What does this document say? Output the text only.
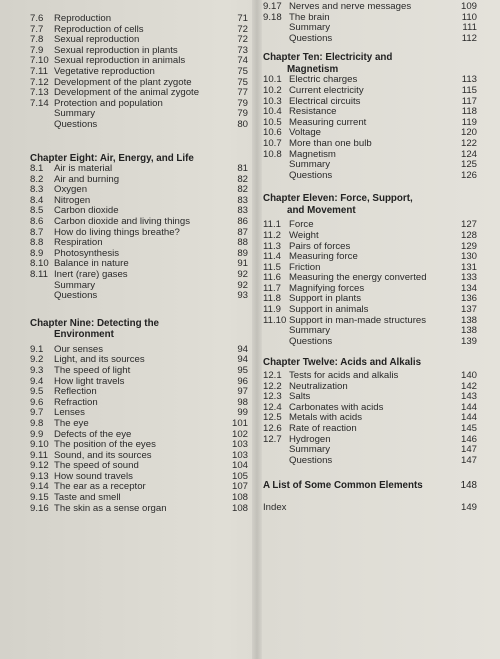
7.6	Reproduction	71
7.7	Reproduction of cells	72
7.8	Sexual reproduction	72
7.9	Sexual reproduction in plants	73
7.10 Sexual reproduction in animals	74
7.11 Vegetative reproduction	75
7.12 Development of the plant zygote	75
7.13 Development of the animal zygote	77
7.14 Protection and population	79
Summary	79
Questions	80
Chapter Eight: Air, Energy, and Life
8.1	Air is material	81
8.2	Air and burning	82
8.3	Oxygen	82
8.4	Nitrogen	83
8.5	Carbon dioxide	83
8.6	Carbon dioxide and living things	86
8.7	How do living things breathe?	87
8.8	Respiration	88
8.9	Photosynthesis	89
8.10 Balance in nature	91
8.11 Inert (rare) gases	92
Summary	92
Questions	93
Chapter Nine: Detecting the
Environment
9.1	Our senses	94
9.2	Light, and its sources	94
9.3	The speed of light	95
9.4	How light travels	96
9.5	Reflection	97
9.6	Refraction	98
9.7	Lenses	99
9.8	The eye	101
9.9	Defects of the eye	102
9.10 The position of the eyes	103
9.11 Sound, and its sources	103
9.12 The speed of sound	104
9.13 How sound travels	105
9.14 The ear as a receptor	107
9.15 Taste and smell	108
9.16 The skin as a sense organ	108
9.17 Nerves and nerve messages	109
9.18 The brain	110
Summary	111
Questions	112
Chapter Ten: Electricity and
Magnetism
10.1 Electric charges	113
10.2 Current electricity	115
10.3 Electrical circuits	117
10.4 Resistance	118
10.5 Measuring current	119
10.6 Voltage	120
10.7 More than one bulb	122
10.8 Magnetism	124
Summary	125
Questions	126
Chapter Eleven: Force, Support,
and Movement
11.1 Force	127
11.2 Weight	128
11.3 Pairs of forces	129
11.4 Measuring force	130
11.5 Friction	131
11.6 Measuring the energy converted	133
11.7 Magnifying forces	134
11.8 Support in plants	136
11.9 Support in animals	137
11.10 Support in man-made structures	138
Summary	138
Questions	139
Chapter Twelve: Acids and Alkalis
12.1 Tests for acids and alkalis	140
12.2 Neutralization	142
12.3 Salts	143
12.4 Carbonates with acids	144
12.5 Metals with acids	144
12.6 Rate of reaction	145
12.7 Hydrogen	146
Summary	147
Questions	147
A List of Some Common Elements	148
Index	149
